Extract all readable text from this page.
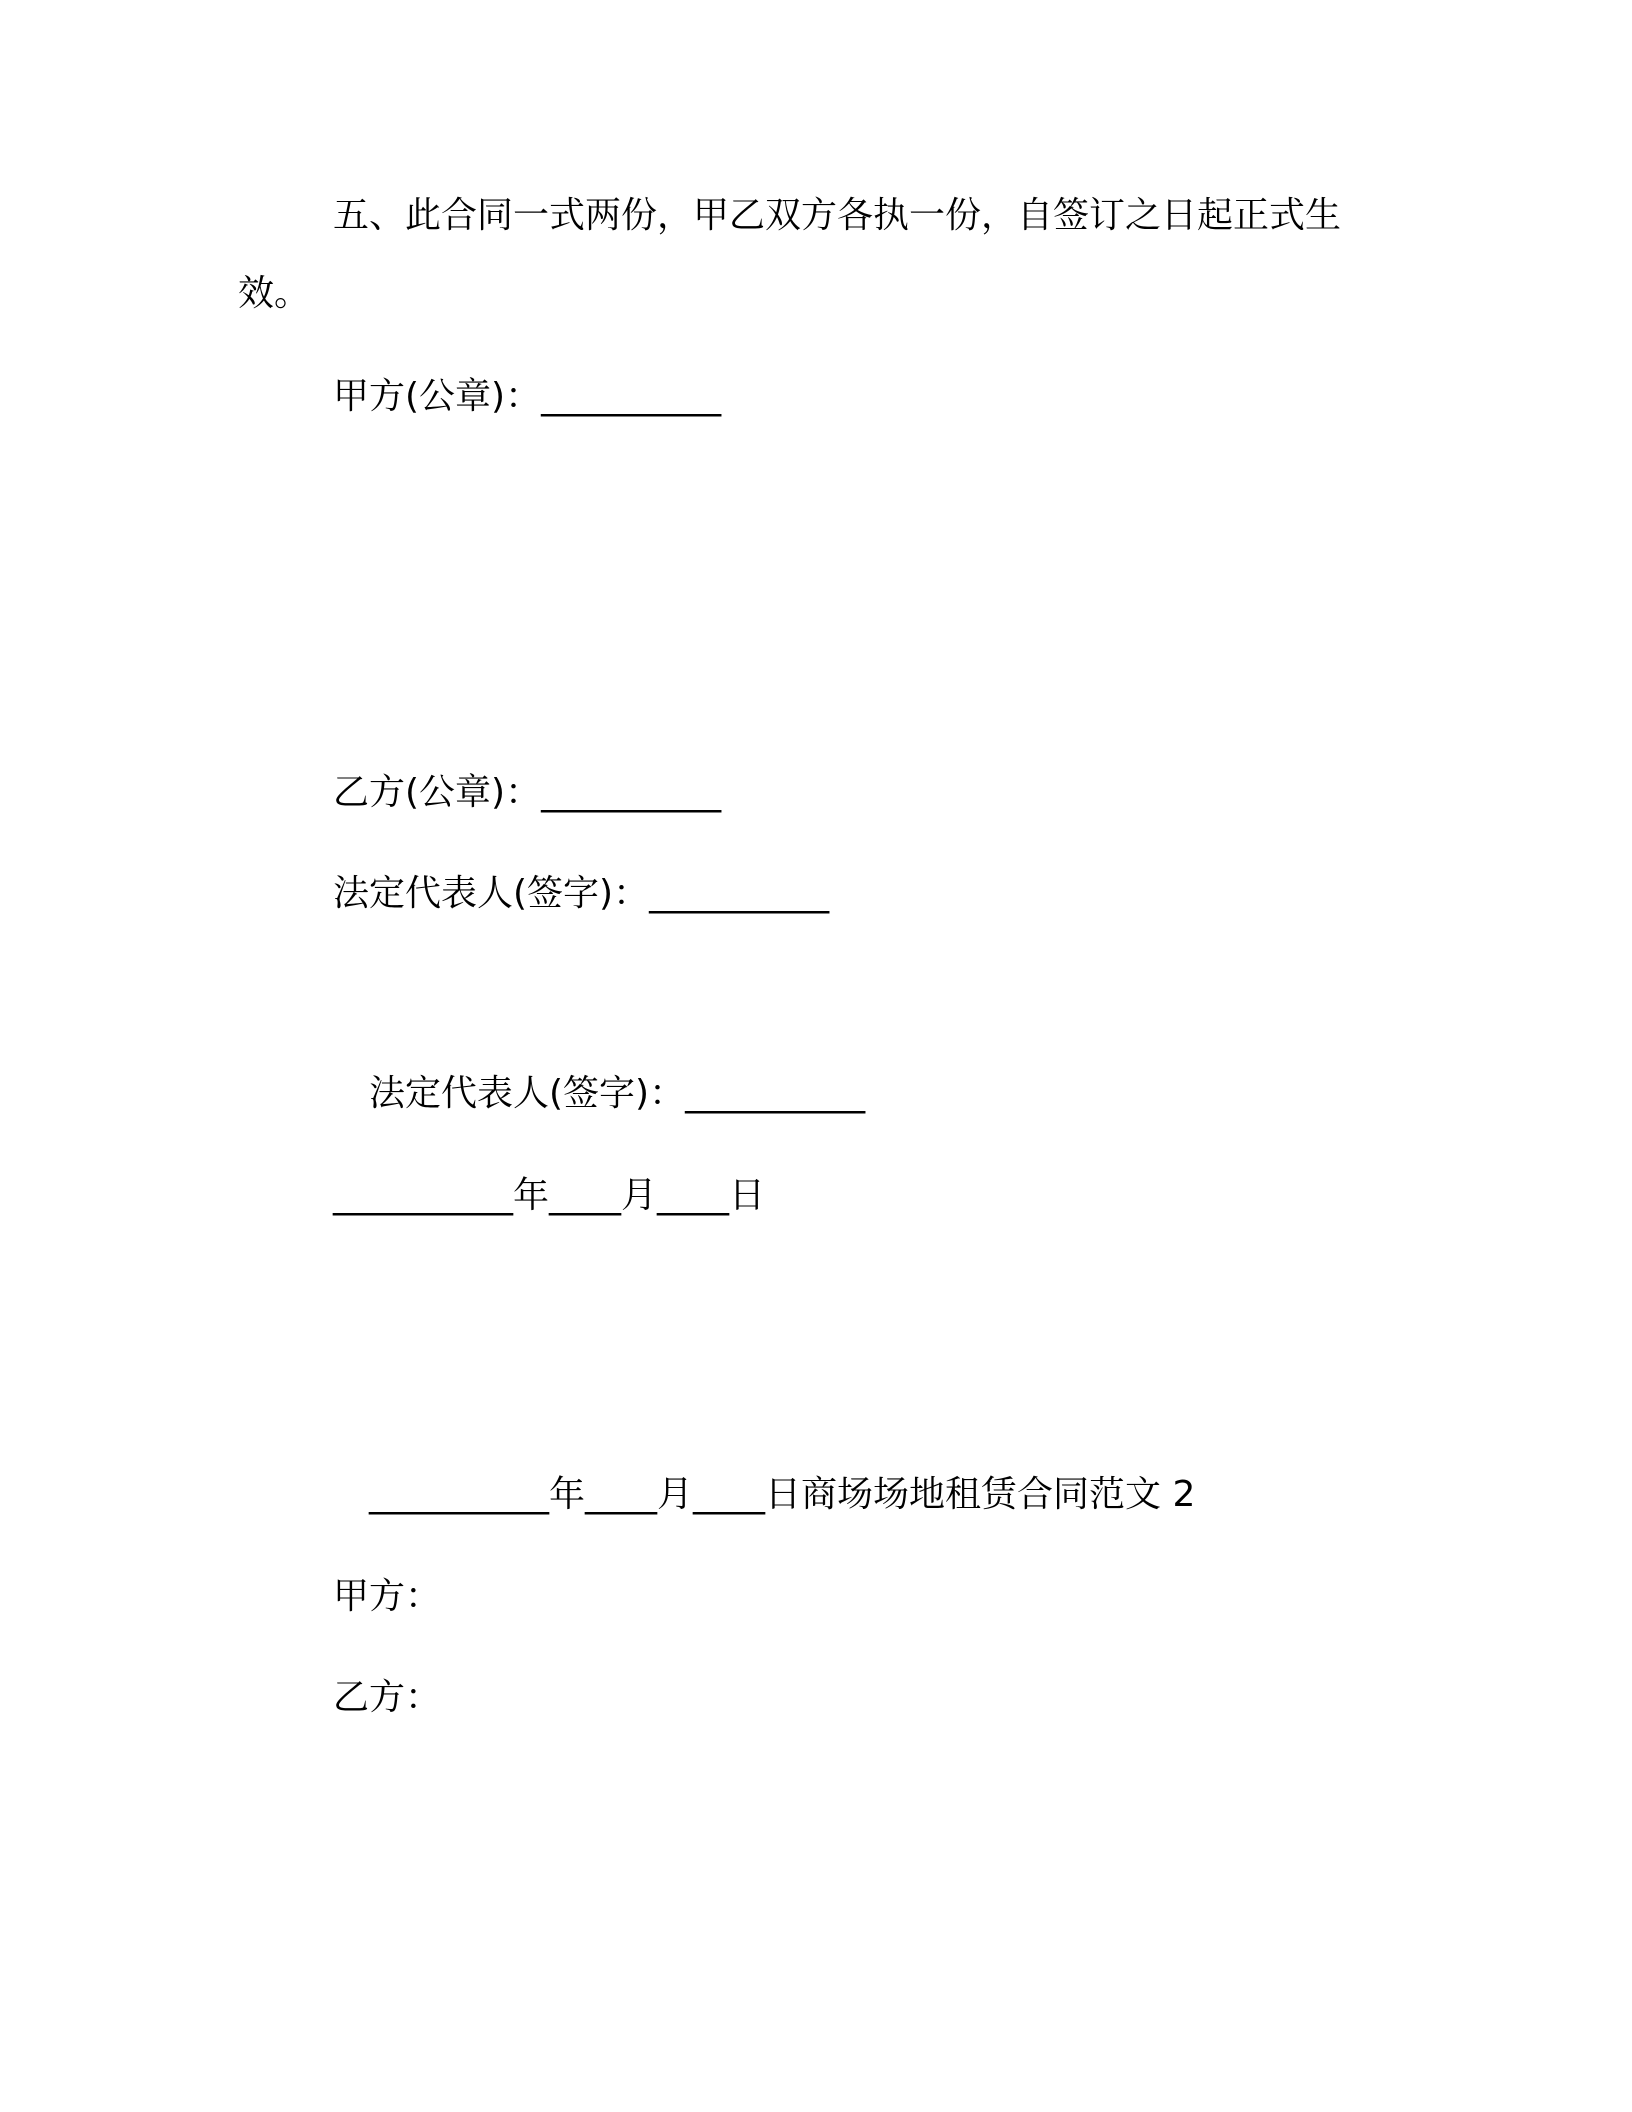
五、此合同一式两份，甲乙双方各执一份，自签订之日起正式生
效。
甲方(公章)：__________
乙方(公章)：__________
法定代表人(签字)：__________
法定代表人(签字)：__________
__________年____月____日
__________年____月____日商场场地租赁合同范文 2
甲方：
乙方：
